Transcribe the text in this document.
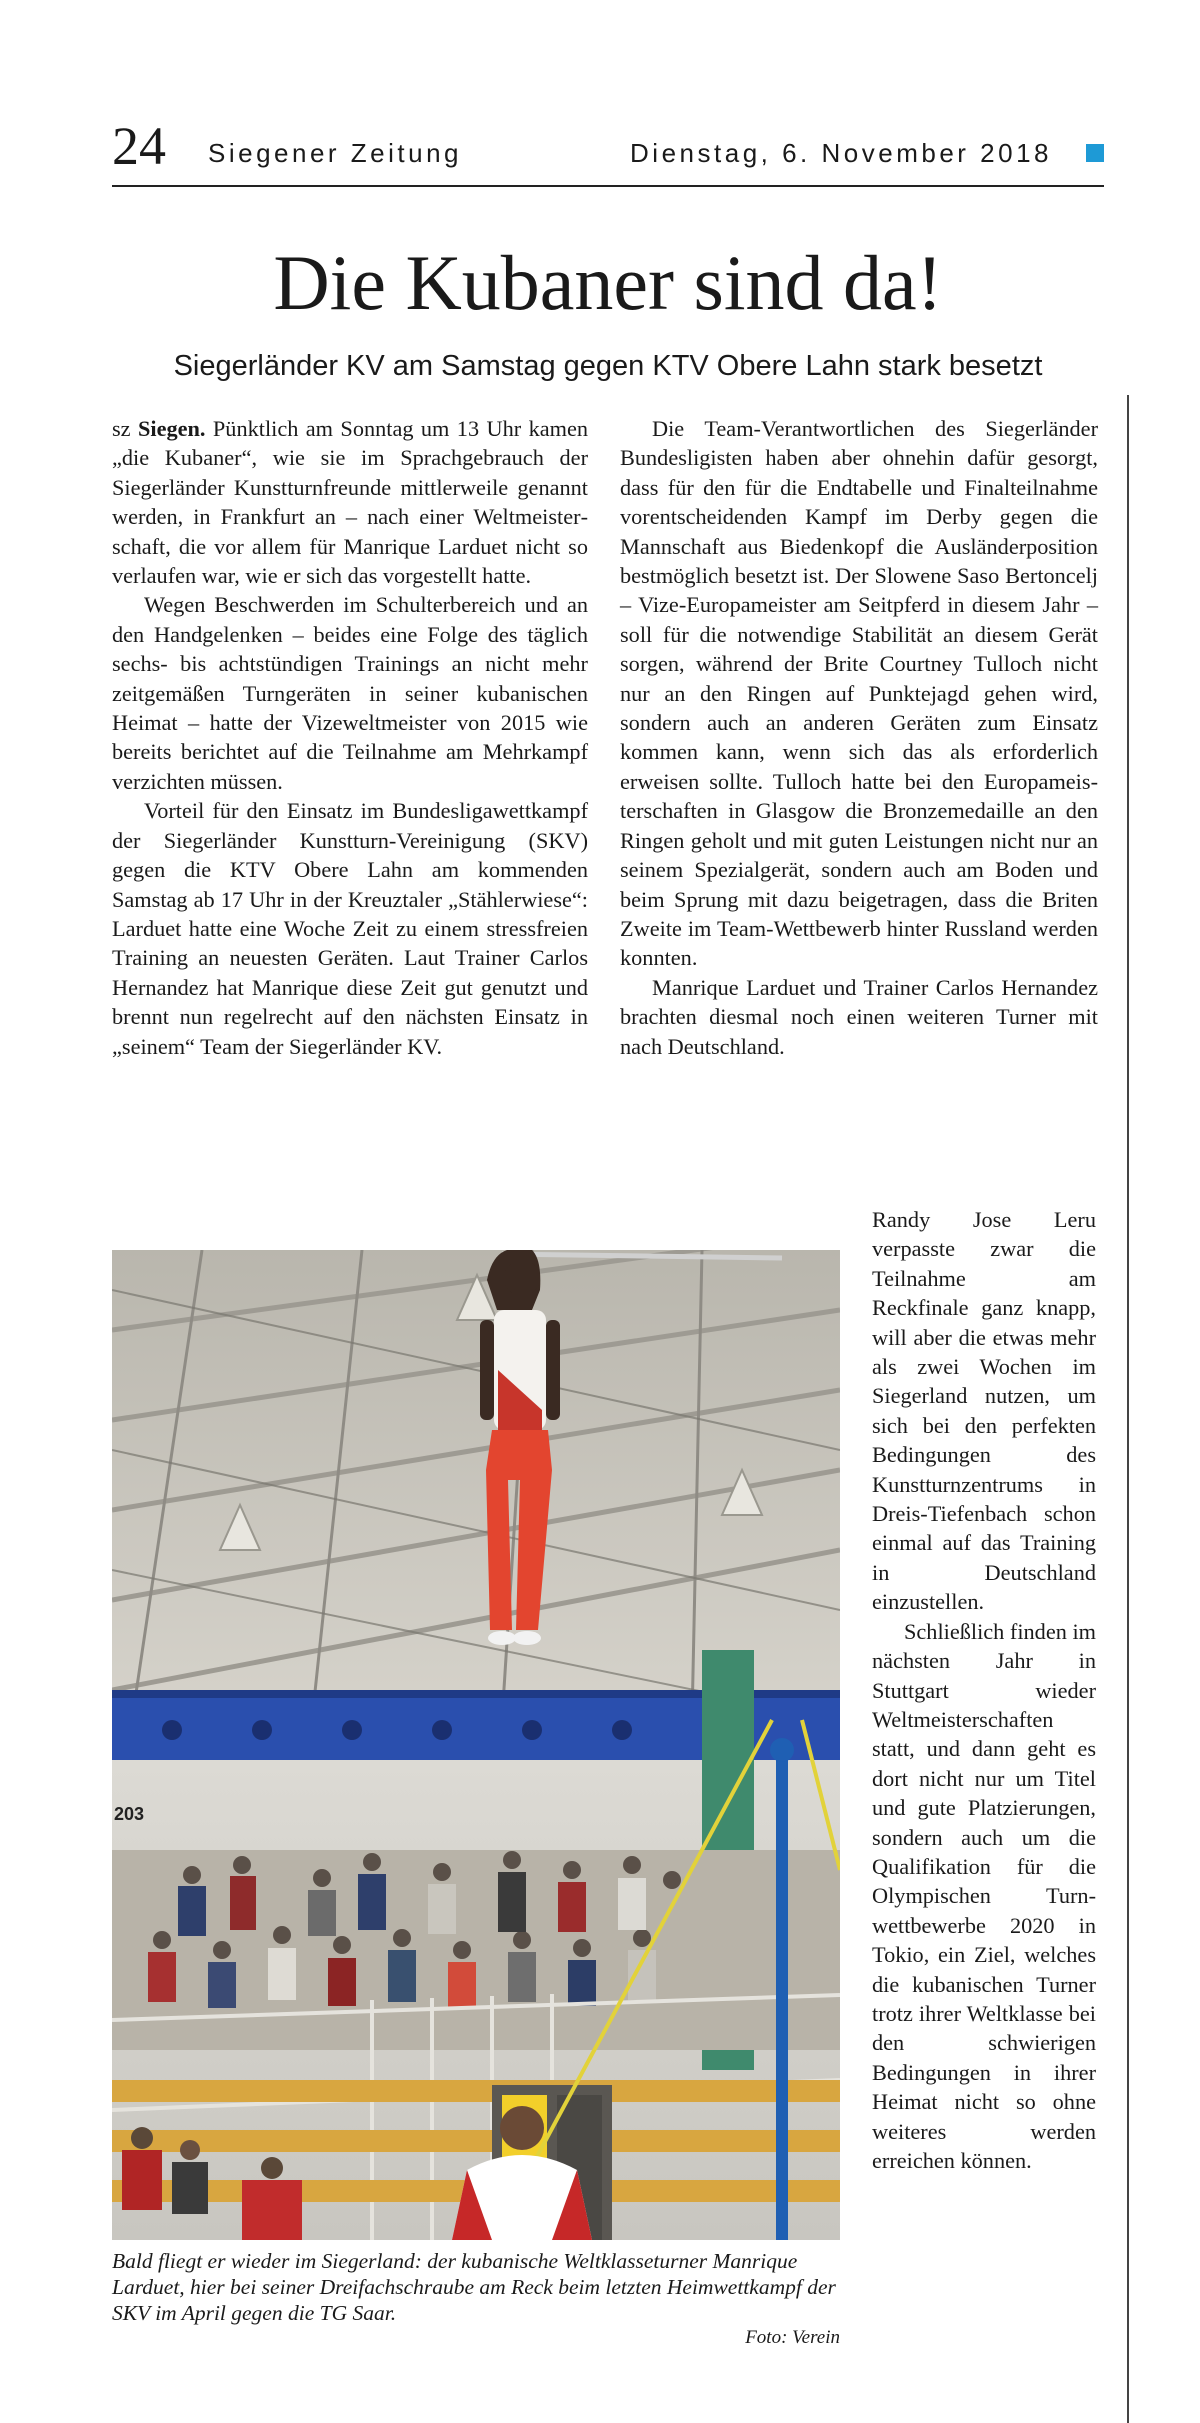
24 Siegener Zeitung	Dienstag, 6. November 2018
Die Kubaner sind da!
Siegerländer KV am Samstag gegen KTV Obere Lahn stark besetzt

sz Siegen. Pünktlich am Sonntag um 13 Uhr kamen „die Kubaner“, wie sie im Sprachgebrauch der Siegerländer Kunstturnfreunde mittlerweile genannt werden, in Frankfurt an – nach einer Weltmeisterschaft, die vor allem für Manrique Larduet nicht so verlaufen war, wie er sich das vorgestellt hatte.

Wegen Beschwerden im Schulterbereich und an den Handgelenken – beides eine Folge des täglich sechs- bis achtstündigen Trainings an nicht mehr zeitgemäßen Turngeräten in seiner kubanischen Heimat – hatte der Vizeweltmeister von 2015 wie bereits berichtet auf die Teilnahme am Mehrkampf verzichten müssen.

Vorteil für den Einsatz im Bundesligawettkampf der Siegerländer Kunstturn-Vereinigung (SKV) gegen die KTV Obere Lahn am kommenden Samstag ab 17 Uhr in der Kreuztaler „Stählerwiese“: Larduet hatte eine Woche Zeit zu einem stressfreien Training an neuesten Geräten. Laut Trainer Carlos Hernandez hat Manrique diese Zeit gut genutzt und brennt nun regelrecht auf den nächsten Einsatz in „seinem“ Team der Siegerländer KV.

Die Team-Verantwortlichen des Siegerländer Bundesligisten haben aber ohnehin dafür gesorgt, dass für den für die Endtabelle und Finalteilnahme vorentscheidenden Kampf im Derby gegen die Mannschaft aus Biedenkopf die Ausländerposition bestmöglich besetzt ist. Der Slowene Saso Bertoncelj – Vize-Europameister am Seitpferd in diesem Jahr – soll für die notwendige Stabilität an diesem Gerät sorgen, während der Brite Courtney Tulloch nicht nur an den Ringen auf Punktejagd gehen wird, sondern auch an anderen Geräten zum Einsatz kommen kann, wenn sich das als erforderlich erweisen sollte. Tulloch hatte bei den Europameisterschaften in Glasgow die Bronzemedaille an den Ringen geholt und mit guten Leistungen nicht nur an seinem Spezialgerät, sondern auch am Boden und beim Sprung mit dazu beigetragen, dass die Briten Zweite im Team-Wettbewerb hinter Russland werden konnten.

Manrique Larduet und Trainer Carlos Hernandez brachten diesmal noch einen weiteren Turner mit nach Deutschland.

Randy Jose Leru verpasste zwar die Teilnahme am Reckfinale ganz knapp, will aber die etwas mehr als zwei Wochen im Siegerland nutzen, um sich bei den perfekten Bedingungen des Kunstturnzentrums in Dreis-Tiefenbach schon einmal auf das Training in Deutschland einzustellen.

Schließlich finden im nächsten Jahr in Stuttgart wieder Weltmeisterschaften statt, und dann geht es dort nicht nur um Titel und gute Platzierungen, sondern auch um die Qualifikation für die Olympischen Turnwettbewerbe 2020 in Tokio, ein Ziel, welches die kubanischen Turner trotz ihrer Weltklasse bei den schwierigen Bedingungen in ihrer Heimat nicht so ohne weiteres werden erreichen können.

203

Bald fliegt er wieder im Siegerland: der kubanische Weltklasseturner Manrique Larduet, hier bei seiner Dreifachschraube am Reck beim letzten Heimwettkampf der SKV im April gegen die TG Saar.

Foto: Verein
